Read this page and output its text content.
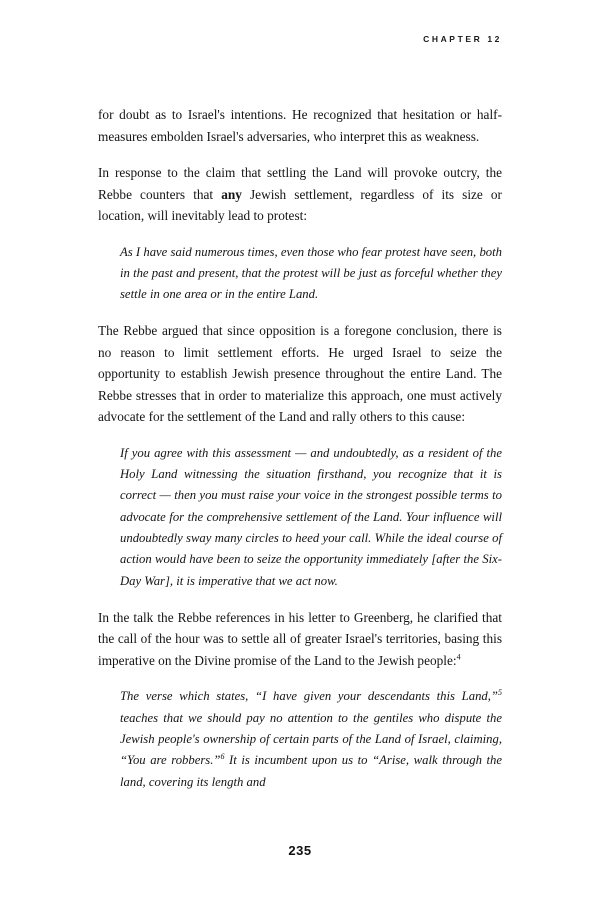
CHAPTER 12

for doubt as to Israel's intentions. He recognized that hesitation or half-measures embolden Israel's adversaries, who interpret this as weakness.

In response to the claim that settling the Land will provoke outcry, the Rebbe counters that any Jewish settlement, regardless of its size or location, will inevitably lead to protest:

As I have said numerous times, even those who fear protest have seen, both in the past and present, that the protest will be just as forceful whether they settle in one area or in the entire Land.

The Rebbe argued that since opposition is a foregone conclusion, there is no reason to limit settlement efforts. He urged Israel to seize the opportunity to establish Jewish presence throughout the entire Land. The Rebbe stresses that in order to materialize this approach, one must actively advocate for the settlement of the Land and rally others to this cause:

If you agree with this assessment — and undoubtedly, as a resident of the Holy Land witnessing the situation firsthand, you recognize that it is correct — then you must raise your voice in the strongest possible terms to advocate for the comprehensive settlement of the Land. Your influence will undoubtedly sway many circles to heed your call. While the ideal course of action would have been to seize the opportunity immediately [after the Six-Day War], it is imperative that we act now.

In the talk the Rebbe references in his letter to Greenberg, he clarified that the call of the hour was to settle all of greater Israel's territories, basing this imperative on the Divine promise of the Land to the Jewish people:$^4$

The verse which states, “I have given your descendants this Land,”$^5$ teaches that we should pay no attention to the gentiles who dispute the Jewish people's ownership of certain parts of the Land of Israel, claiming, “You are robbers.”$^6$ It is incumbent upon us to “Arise, walk through the land, covering its length and

235
